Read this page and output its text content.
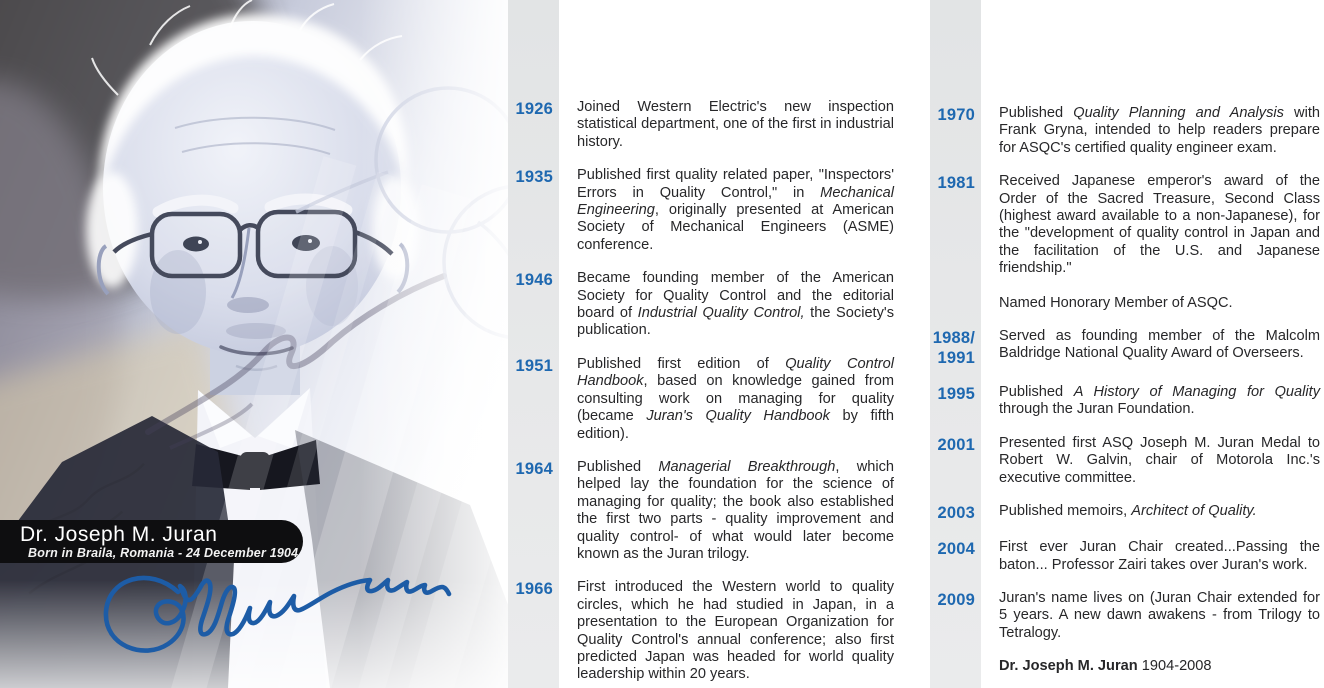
Dr. Joseph M. Juran
Born in Braila, Romania - 24 December 1904
1926 Joined Western Electric's new inspection statistical department, one of the first in industrial history.

1935 Published first quality related paper, "Inspectors' Errors in Quality Control," in Mechanical Engineering, originally presented at American Society of Mechanical Engineers (ASME) conference.

1946 Became founding member of the American Society for Quality Control and the editorial board of Industrial Quality Control, the Society's publication.

1951 Published first edition of Quality Control Handbook, based on knowledge gained from consulting work on managing for quality (became Juran's Quality Handbook by fifth edition).

1964 Published Managerial Breakthrough, which helped lay the foundation for the science of managing for quality; the book also established the first two parts - quality improvement and quality control- of what would later become known as the Juran trilogy.

1966 First introduced the Western world to quality circles, which he had studied in Japan, in a presentation to the European Organization for Quality Control's annual conference; also first predicted Japan was headed for world quality leadership within 20 years.

1970 Published Quality Planning and Analysis with Frank Gryna, intended to help readers prepare for ASQC's certified quality engineer exam.

1981 Received Japanese emperor's award of the Order of the Sacred Treasure, Second Class (highest award available to a non-Japanese), for the "development of quality control in Japan and the facilitation of the U.S. and Japanese friendship."

Named Honorary Member of ASQC.

1988/
1991

Served as founding member of the Malcolm Baldridge National Quality Award of Overseers.

1995 Published A History of Managing for Quality through the Juran Foundation.

2001 Presented first ASQ Joseph M. Juran Medal to Robert W. Galvin, chair of Motorola Inc.'s executive committee.

2003 Published memoirs, Architect of Quality.

2004 First ever Juran Chair created...Passing the baton... Professor Zairi takes over Juran's work.

2009 Juran's name lives on (Juran Chair extended for 5 years. A new dawn awakens - from Trilogy to Tetralogy.

Dr. Joseph M. Juran 1904-2008
